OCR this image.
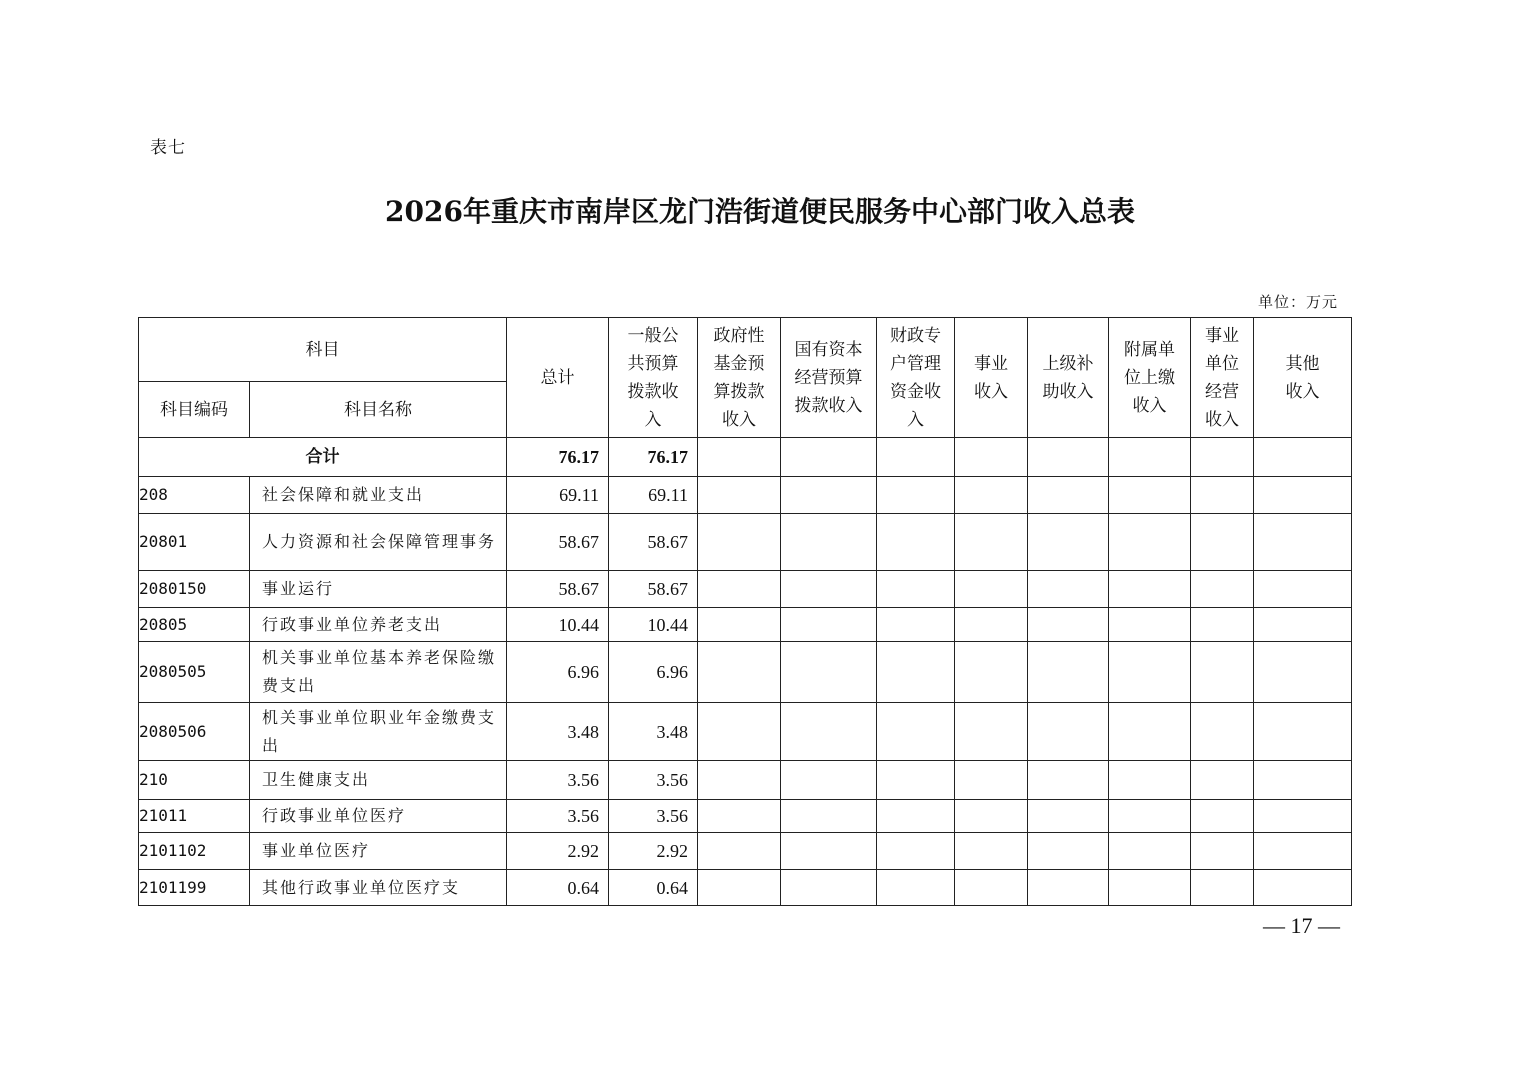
表七
2026年重庆市南岸区龙门浩街道便民服务中心部门收入总表
单位：万元
科目		总计	一般公共预算拨款收入	政府性基金预算拨款收入	国有资本经营预算拨款收入	财政专户管理资金收入	事业收入	上级补助收入	附属单位上缴收入	事业单位经营收入	其他收入

科目编码	科目名称										
合计		76.17	76.17								
208	社会保障和就业支出	69.11	69.11								
20801	人力资源和社会保障管理事务	58.67	58.67								
2080150	事业运行	58.67	58.67								
20805	行政事业单位养老支出	10.44	10.44								
2080505	机关事业单位基本养老保险缴费支出	6.96	6.96								
2080506	机关事业单位职业年金缴费支出	3.48	3.48								
210	卫生健康支出	3.56	3.56								
21011	行政事业单位医疗	3.56	3.56								
2101102	事业单位医疗	2.92	2.92								
2101199	其他行政事业单位医疗支	0.64	0.64								
— 17 —
